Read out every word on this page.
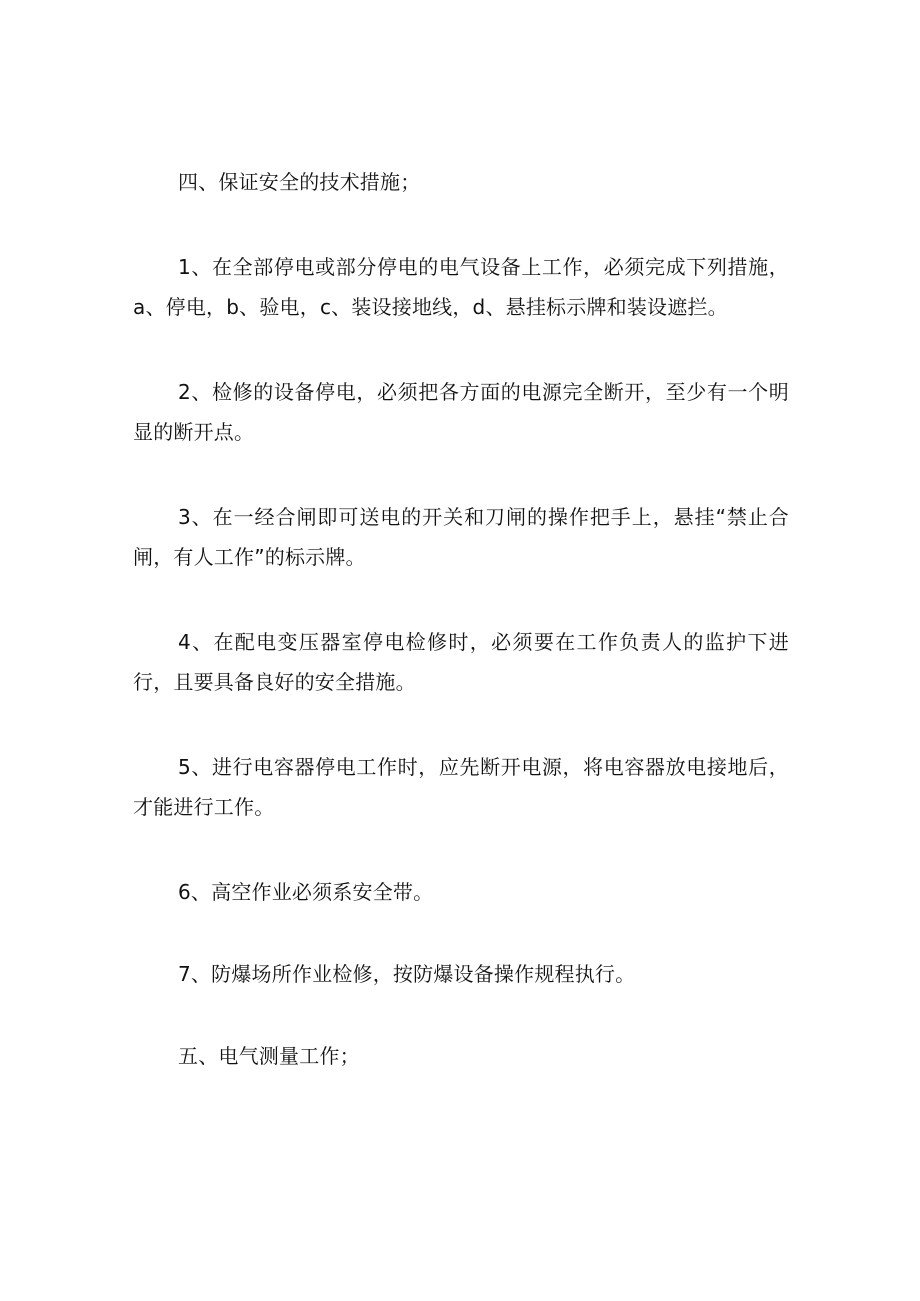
四、保证安全的技术措施；

1、在全部停电或部分停电的电气设备上工作，必须完成下列措施，a、停电，b、验电，c、装设接地线，d、悬挂标示牌和装设遮拦。

2、检修的设备停电，必须把各方面的电源完全断开，至少有一个明显的断开点。

3、在一经合闸即可送电的开关和刀闸的操作把手上，悬挂“禁止合闸，有人工作”的标示牌。

4、在配电变压器室停电检修时，必须要在工作负责人的监护下进行，且要具备良好的安全措施。

5、进行电容器停电工作时，应先断开电源，将电容器放电接地后，才能进行工作。

6、高空作业必须系安全带。

7、防爆场所作业检修，按防爆设备操作规程执行。

五、电气测量工作；
